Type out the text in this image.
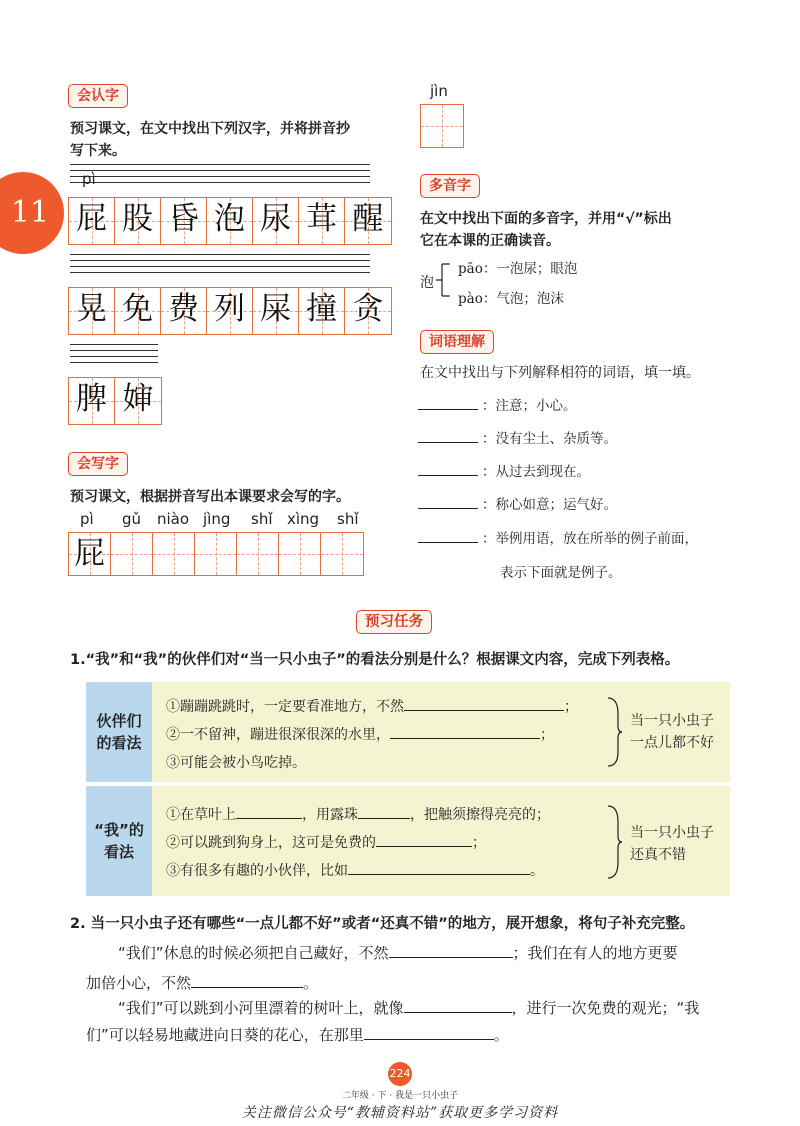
11
会认字
预习课文，在文中找出下列汉字，并将拼音抄
写下来。
pì
屁 股 昏 泡 尿 茸 醒
晃 免 费 列 屎 撞 贪
脾 婶
会写字
预习课文，根据拼音写出本课要求会写的字。
pì gǔ niào jìng shǐ xìng shǐ
屁
jìn
多音字
在文中找出下面的多音字，并用“√”标出
它在本课的正确读音。
泡
pāo：一泡尿；眼泡
pào：气泡；泡沫
词语理解
在文中找出与下列解释相符的词语，填一填。
：注意；小心。
：没有尘土、杂质等。
：从过去到现在。
：称心如意；运气好。
：举例用语，放在所举的例子前面，
表示下面就是例子。
预习任务
1.“我”和“我”的伙伴们对“当一只小虫子”的看法分别是什么？根据课文内容，完成下列表格。
伙伴们
的看法
①蹦蹦跳跳时，一定要看准地方，不然	；
②一不留神，蹦进很深很深的水里，	；
③可能会被小鸟吃掉。
当一只小虫子
一点儿都不好
“我”的
看法
①在草叶上	，用露珠	，把触须擦得亮亮的；
②可以跳到狗身上，这可是免费的	；
③有很多有趣的小伙伴，比如	。
当一只小虫子
还真不错
2. 当一只小虫子还有哪些“一点儿都不好”或者“还真不错”的地方，展开想象，将句子补充完整。
“我们”休息的时候必须把自己藏好，不然	；我们在有人的地方更要
加倍小心，不然	。
“我们”可以跳到小河里漂着的树叶上，就像	，进行一次免费的观光；“我
们”可以轻易地藏进向日葵的花心，在那里	。
224
二年级 · 下 · 我是一只小虫子
关注微信公众号“教辅资料站”获取更多学习资料
